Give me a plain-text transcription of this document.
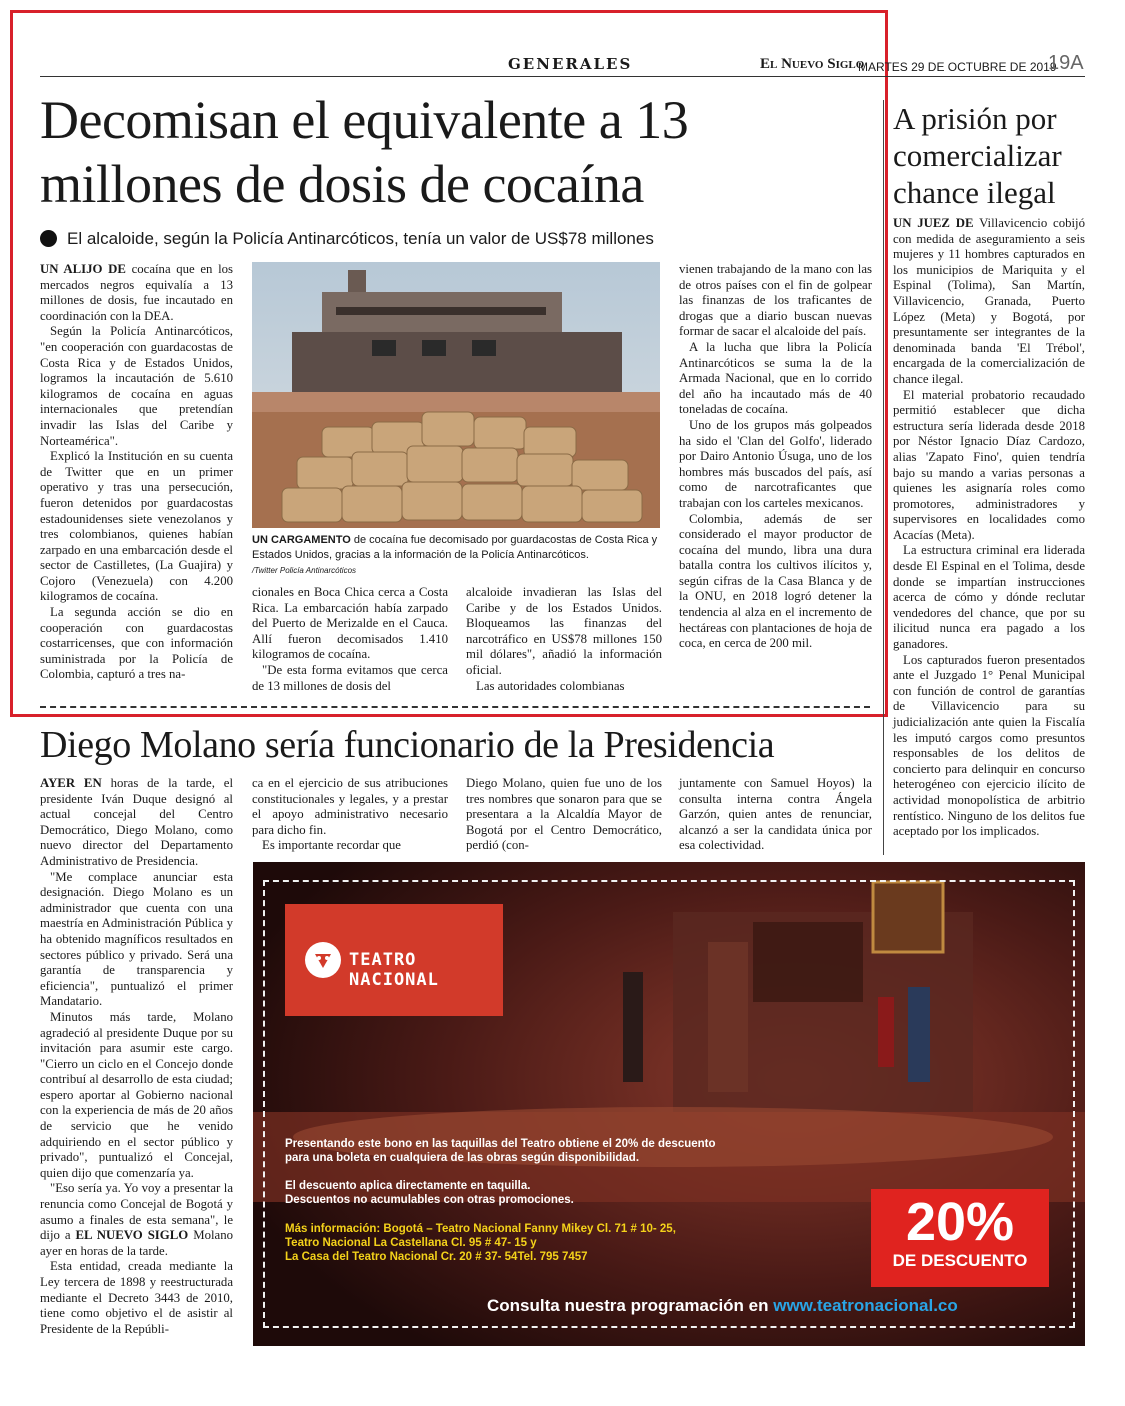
GENERALES	El Nuevo Siglo
MARTES 29 DE OCTUBRE DE 2019
19A
Decomisan el equivalente a 13 millones de dosis de cocaína
El alcaloide, según la Policía Antinarcóticos, tenía un valor de US$78 millones

UN ALIJO DE cocaína que en los mercados negros equivalía a 13 millones de dosis, fue incautado en coordinación con la DEA.

Según la Policía Antinarcóticos, "en cooperación con guardacostas de Costa Rica y de Estados Unidos, logramos la incautación de 5.610 kilogramos de cocaína en aguas internacionales que pretendían invadir las Islas del Caribe y Norteamérica".

Explicó la Institución en su cuenta de Twitter que en un primer operativo y tras una persecución, fueron detenidos por guardacostas estadounidenses siete venezolanos y tres colombianos, quienes habían zarpado en una embarcación desde el sector de Castilletes, (La Guajira) y Cojoro (Venezuela) con 4.200 kilogramos de cocaína.

La segunda acción se dio en cooperación con guardacostas costarricenses, que con información suministrada por la Policía de Colombia, capturó a tres na-

UN CARGAMENTO de cocaína fue decomisado por guardacostas de Costa Rica y Estados Unidos, gracias a la información de la Policía Antinarcóticos.
/Twitter Policía Antinarcóticos

cionales en Boca Chica cerca a Costa Rica. La embarcación había zarpado del Puerto de Merizalde en el Cauca. Allí fueron decomisados 1.410 kilogramos de cocaína.

"De esta forma evitamos que cerca de 13 millones de dosis del

alcaloide invadieran las Islas del Caribe y de los Estados Unidos. Bloqueamos las finanzas del narcotráfico en US$78 millones 150 mil dólares", añadió la información oficial.

Las autoridades colombianas

vienen trabajando de la mano con las de otros países con el fin de golpear las finanzas de los traficantes de drogas que a diario buscan nuevas formar de sacar el alcaloide del país.

A la lucha que libra la Policía Antinarcóticos se suma la de la Armada Nacional, que en lo corrido del año ha incautado más de 40 toneladas de cocaína.

Uno de los grupos más golpeados ha sido el 'Clan del Golfo', liderado por Dairo Antonio Úsuga, uno de los hombres más buscados del país, así como de narcotraficantes que trabajan con los carteles mexicanos.

Colombia, además de ser considerado el mayor productor de cocaína del mundo, libra una dura batalla contra los cultivos ilícitos y, según cifras de la Casa Blanca y de la ONU, en 2018 logró detener la tendencia al alza en el incremento de hectáreas con plantaciones de hoja de coca, en cerca de 200 mil.

Diego Molano sería funcionario de la Presidencia

AYER EN horas de la tarde, el presidente Iván Duque designó al actual concejal del Centro Democrático, Diego Molano, como nuevo director del Departamento Administrativo de Presidencia.

"Me complace anunciar esta designación. Diego Molano es un administrador que cuenta con una maestría en Administración Pública y ha obtenido magníficos resultados en sectores público y privado. Será una garantía de transparencia y eficiencia", puntualizó el primer Mandatario.

Minutos más tarde, Molano agradeció al presidente Duque por su invitación para asumir este cargo. "Cierro un ciclo en el Concejo donde contribuí al desarrollo de esta ciudad; espero aportar al Gobierno nacional con la experiencia de más de 20 años de servicio que he venido adquiriendo en el sector público y privado", puntualizó el Concejal, quien dijo que comenzaría ya.

"Eso sería ya. Yo voy a presentar la renuncia como Concejal de Bogotá y asumo a finales de esta semana", le dijo a EL NUEVO SIGLO Molano ayer en horas de la tarde.

Esta entidad, creada mediante la Ley tercera de 1898 y reestructurada mediante el Decreto 3443 de 2010, tiene como objetivo el de asistir al Presidente de la Repúbli-

ca en el ejercicio de sus atribuciones constitucionales y legales, y a prestar el apoyo administrativo necesario para dicho fin.

Es importante recordar que

Diego Molano, quien fue uno de los tres nombres que sonaron para que se presentara a la Alcaldía Mayor de Bogotá por el Centro Democrático, perdió (con-

juntamente con Samuel Hoyos) la consulta interna contra Ángela Garzón, quien antes de renunciar, alcanzó a ser la candidata única por esa colectividad.

A prisión por comercializar chance ilegal

UN JUEZ DE Villavicencio cobijó con medida de aseguramiento a seis mujeres y 11 hombres capturados en los municipios de Mariquita y el Espinal (Tolima), San Martín, Villavicencio, Granada, Puerto López (Meta) y Bogotá, por presuntamente ser integrantes de la denominada banda 'El Trébol', encargada de la comercialización de chance ilegal.

El material probatorio recaudado permitió establecer que dicha estructura sería liderada desde 2018 por Néstor Ignacio Díaz Cardozo, alias 'Zapato Fino', quien tendría bajo su mando a varias personas a quienes les asignaría roles como promotores, administradores y supervisores en localidades como Acacías (Meta).

La estructura criminal era liderada desde El Espinal en el Tolima, desde donde se impartían instrucciones acerca de cómo y dónde reclutar vendedores del chance, que por su ilicitud nunca era pagado a los ganadores.

Los capturados fueron presentados ante el Juzgado 1° Penal Municipal con función de control de garantías de Villavicencio para su judicialización ante quien la Fiscalía les imputó cargos como presuntos responsables de los delitos de concierto para delinquir en concurso heterogéneo con ejercicio ilícito de actividad monopolística de arbitrio rentístico. Ninguno de los delitos fue aceptado por los implicados.

TEATRO NACIONAL
Presentando este bono en las taquillas del Teatro obtiene el 20% de descuento
para una boleta en cualquiera de las obras según disponibilidad.
El descuento aplica directamente en taquilla.
Descuentos no acumulables con otras promociones.
Más información: Bogotá – Teatro Nacional Fanny Mikey Cl. 71 # 10- 25,
Teatro Nacional La Castellana Cl. 95 # 47- 15 y
La Casa del Teatro Nacional Cr. 20 # 37- 54Tel. 795 7457
20%
DE DESCUENTO
Consulta nuestra programación en www.teatronacional.co
